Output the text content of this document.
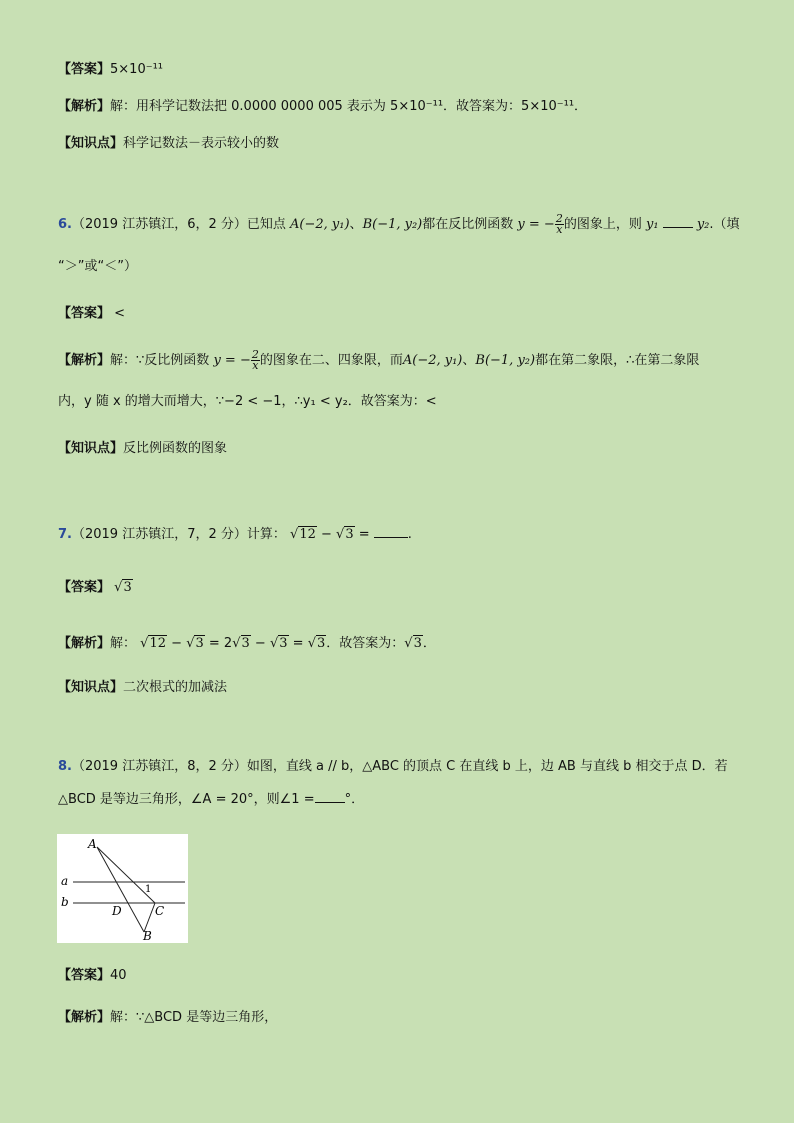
【答案】5×10⁻¹¹
【解析】解：用科学记数法把 0.0000 0000 005 表示为 5×10⁻¹¹．故答案为：5×10⁻¹¹．
【知识点】科学记数法－表示较小的数
6.（2019 江苏镇江，6，2 分）已知点 A(−2, y₁)、B(−1, y₂)都在反比例函数 y = − $\frac{2}{x}$ 的图象上，则 y₁	y₂.（填
“＞”或“＜”）
【答案】 <
【解析】解：∵反比例函数 y = − $\frac{2}{x}$ 的图象在二、四象限，而A(−2, y₁)、B(−1, y₂)都在第二象限，∴在第二象限
内，y 随 x 的增大而增大，∵−2 < −1，∴y₁ < y₂．故答案为：<
【知识点】反比例函数的图象
7.（2019 江苏镇江，7，2 分）计算： √12 − √3 =	.
【答案】 √3
【解析】解： √12 − √3 = 2√3 − √3 = √3．故答案为：√3．
【知识点】二次根式的加减法
8.（2019 江苏镇江，8，2 分）如图，直线 a // b，△ABC 的顶点 C 在直线 b 上，边 AB 与直线 b 相交于点 D．若
△BCD 是等边三角形，∠A = 20°，则∠1 = °．
A
a
b
1
D	C
B
【答案】40
【解析】解：∵△BCD 是等边三角形，
